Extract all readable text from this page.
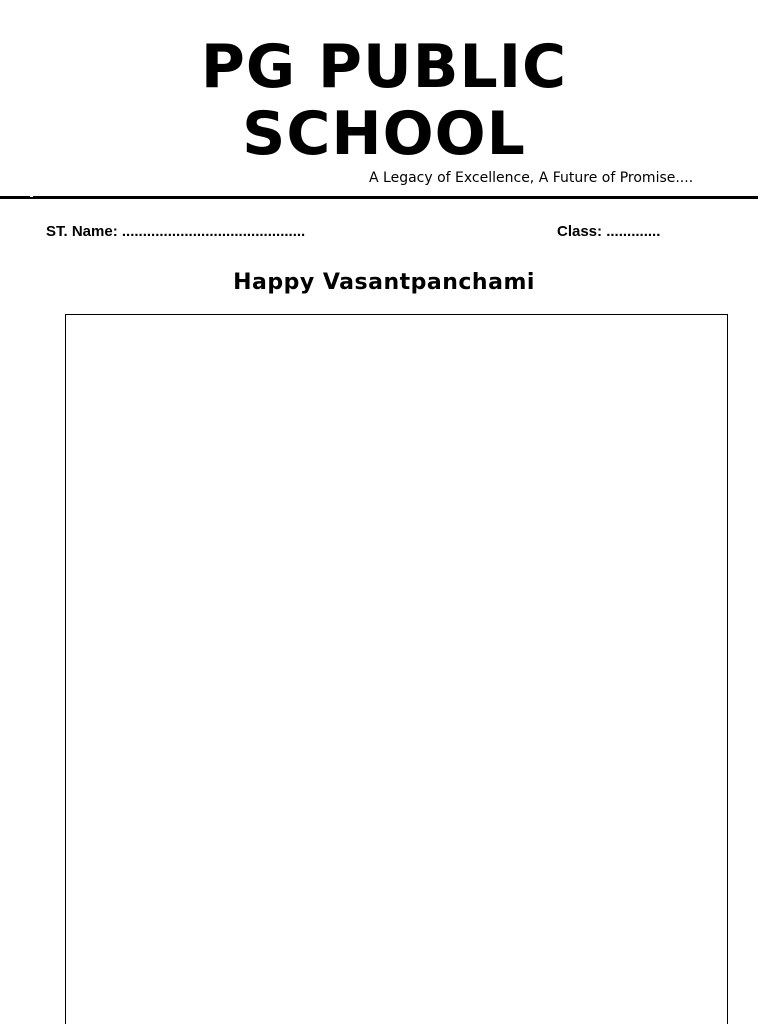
PG PUBLIC
SCHOOL
A Legacy of Excellence, A Future of Promise....
ST. Name: ............................................	Class: .............
Happy Vasantpanchami
